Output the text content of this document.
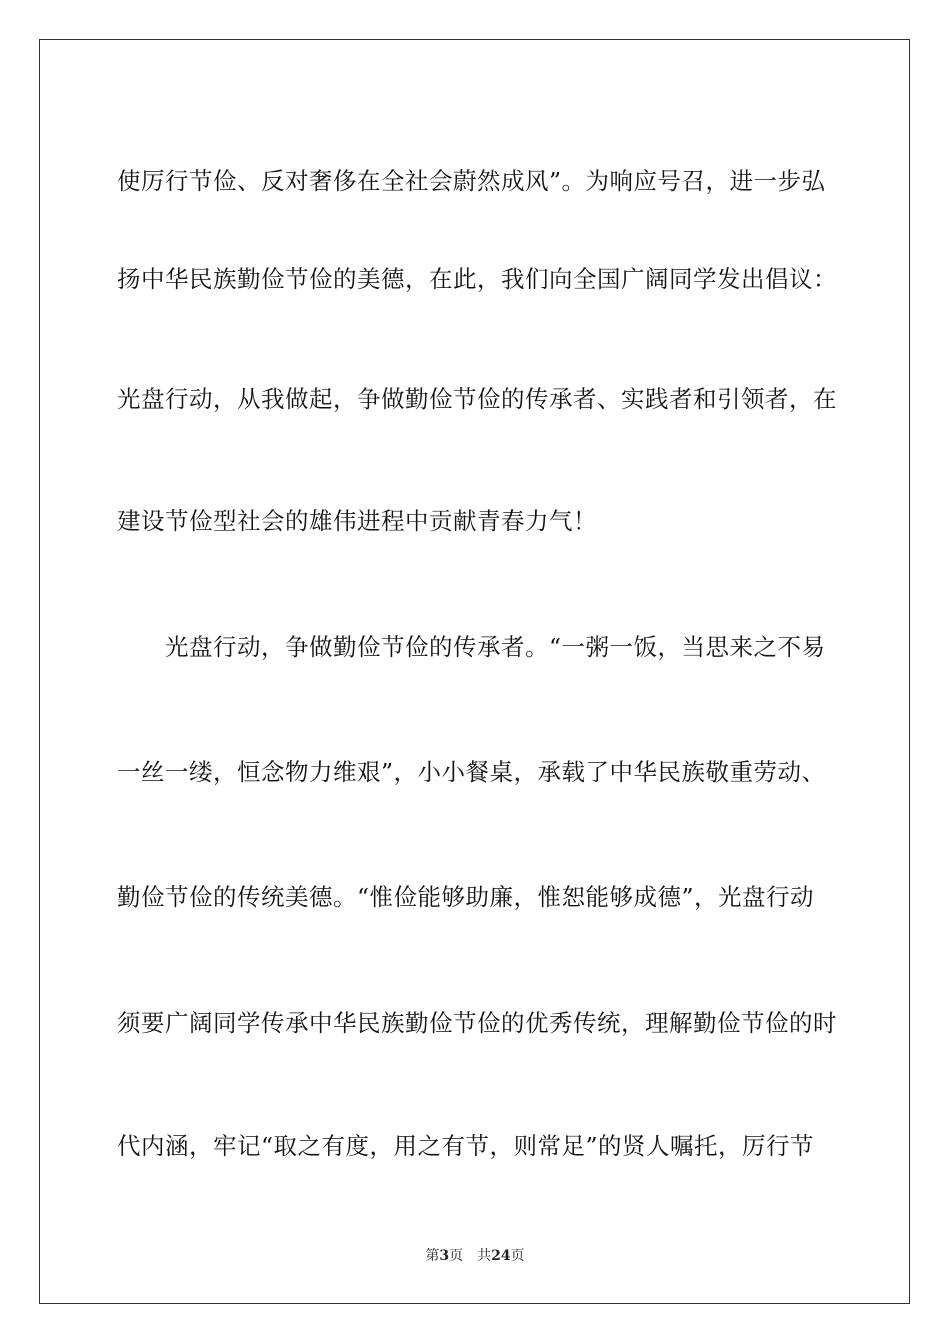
使厉行节俭、反对奢侈在全社会蔚然成风”。为响应号召，进一步弘
扬中华民族勤俭节俭的美德，在此，我们向全国广阔同学发出倡议：
光盘行动，从我做起，争做勤俭节俭的传承者、实践者和引领者，在
建设节俭型社会的雄伟进程中贡献青春力气！
光盘行动，争做勤俭节俭的传承者。“一粥一饭，当思来之不易
一丝一缕，恒念物力维艰”，小小餐桌，承载了中华民族敬重劳动、
勤俭节俭的传统美德。“惟俭能够助廉，惟恕能够成德”，光盘行动
须要广阔同学传承中华民族勤俭节俭的优秀传统，理解勤俭节俭的时
代内涵，牢记“取之有度，用之有节，则常足”的贤人嘱托，厉行节
第3页 共24页
